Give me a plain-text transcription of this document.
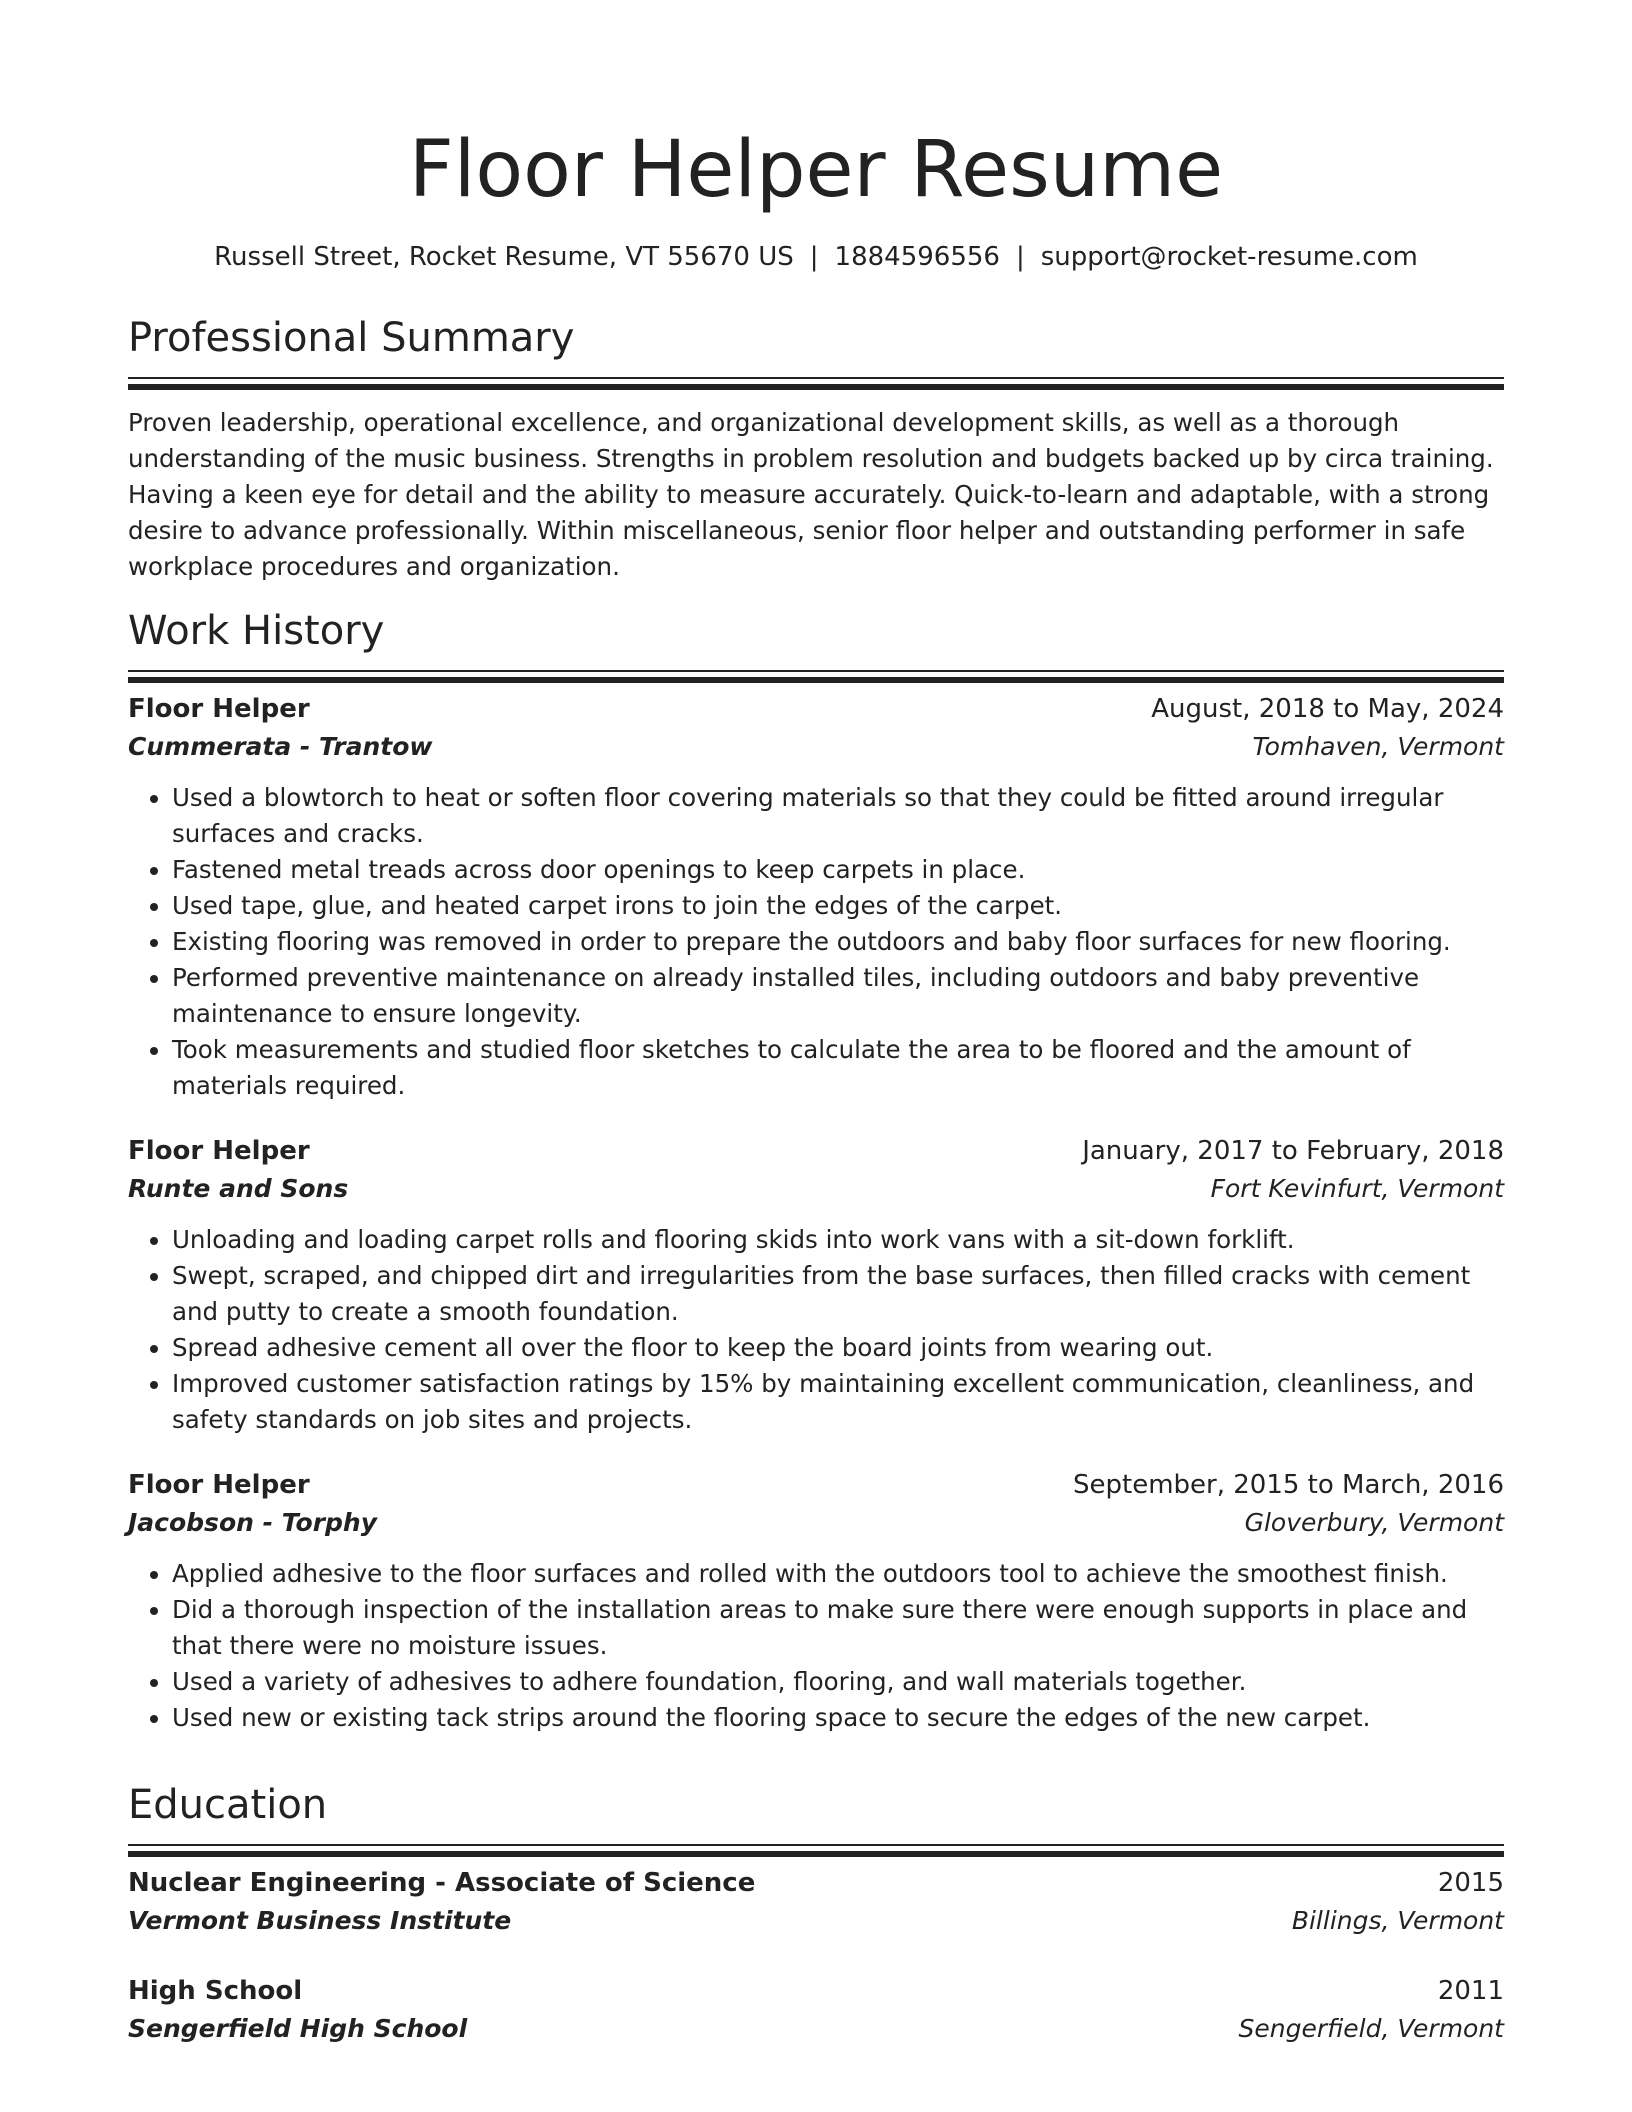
Floor Helper Resume
Russell Street, Rocket Resume, VT 55670 US | 1884596556 | support@rocket-resume.com
Professional Summary
Proven leadership, operational excellence, and organizational development skills, as well as a thorough understanding of the music business. Strengths in problem resolution and budgets backed up by circa training. Having a keen eye for detail and the ability to measure accurately. Quick-to-learn and adaptable, with a strong desire to advance professionally. Within miscellaneous, senior floor helper and outstanding performer in safe workplace procedures and organization.
Work History
Floor Helper	August, 2018 to May, 2024
Cummerata - Trantow	Tomhaven, Vermont
• Used a blowtorch to heat or soften floor covering materials so that they could be fitted around irregular surfaces and cracks.
• Fastened metal treads across door openings to keep carpets in place.
• Used tape, glue, and heated carpet irons to join the edges of the carpet.
• Existing flooring was removed in order to prepare the outdoors and baby floor surfaces for new flooring.
• Performed preventive maintenance on already installed tiles, including outdoors and baby preventive maintenance to ensure longevity.
• Took measurements and studied floor sketches to calculate the area to be floored and the amount of materials required.
Floor Helper	January, 2017 to February, 2018
Runte and Sons	Fort Kevinfurt, Vermont
• Unloading and loading carpet rolls and flooring skids into work vans with a sit-down forklift.
• Swept, scraped, and chipped dirt and irregularities from the base surfaces, then filled cracks with cement and putty to create a smooth foundation.
• Spread adhesive cement all over the floor to keep the board joints from wearing out.
• Improved customer satisfaction ratings by 15% by maintaining excellent communication, cleanliness, and safety standards on job sites and projects.
Floor Helper	September, 2015 to March, 2016
Jacobson - Torphy	Gloverbury, Vermont
• Applied adhesive to the floor surfaces and rolled with the outdoors tool to achieve the smoothest finish.
• Did a thorough inspection of the installation areas to make sure there were enough supports in place and that there were no moisture issues.
• Used a variety of adhesives to adhere foundation, flooring, and wall materials together.
• Used new or existing tack strips around the flooring space to secure the edges of the new carpet.
Education
Nuclear Engineering - Associate of Science	2015
Vermont Business Institute	Billings, Vermont
High School	2011
Sengerfield High School	Sengerfield, Vermont
